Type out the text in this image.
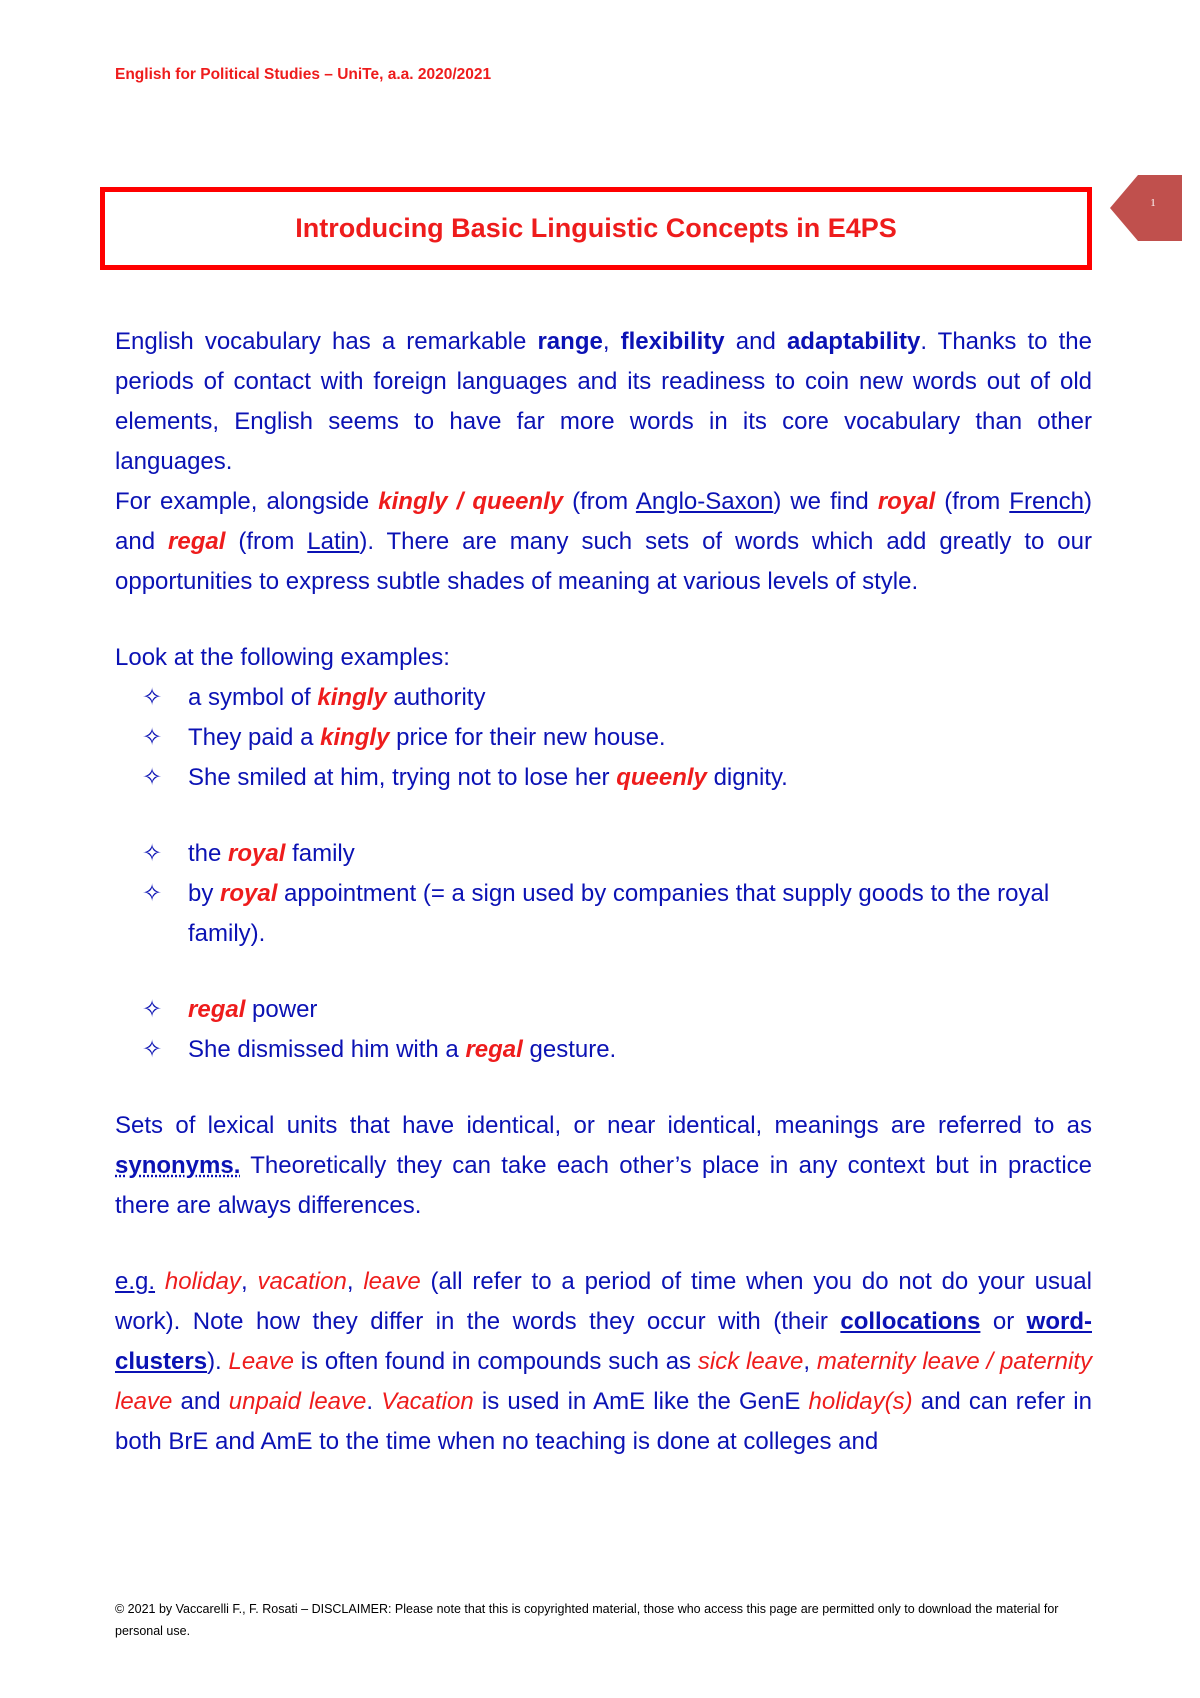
English for Political Studies – UniTe, a.a. 2020/2021
1
Introducing Basic Linguistic Concepts in E4PS

English vocabulary has a remarkable range, flexibility and adaptability. Thanks to the periods of contact with foreign languages and its readiness to coin new words out of old elements, English seems to have far more words in its core vocabulary than other languages.

For example, alongside kingly / queenly (from Anglo-Saxon) we find royal (from French) and regal (from Latin). There are many such sets of words which add greatly to our opportunities to express subtle shades of meaning at various levels of style.

Look at the following examples:

✧ a symbol of kingly authority
✧ They paid a kingly price for their new house.
✧ She smiled at him, trying not to lose her queenly dignity.
✧ the royal family
✧ by royal appointment (= a sign used by companies that supply goods to the royal family).
✧ regal power
✧ She dismissed him with a regal gesture.

Sets of lexical units that have identical, or near identical, meanings are referred to as synonyms. Theoretically they can take each other’s place in any context but in practice there are always differences.

e.g. holiday, vacation, leave (all refer to a period of time when you do not do your usual work). Note how they differ in the words they occur with (their collocations or word-clusters). Leave is often found in compounds such as sick leave, maternity leave / paternity leave and unpaid leave. Vacation is used in AmE like the GenE holiday(s) and can refer in both BrE and AmE to the time when no teaching is done at colleges and

© 2021 by Vaccarelli F., F. Rosati – DISCLAIMER: Please note that this is copyrighted material, those who access this page are permitted only to download the material for personal use.
